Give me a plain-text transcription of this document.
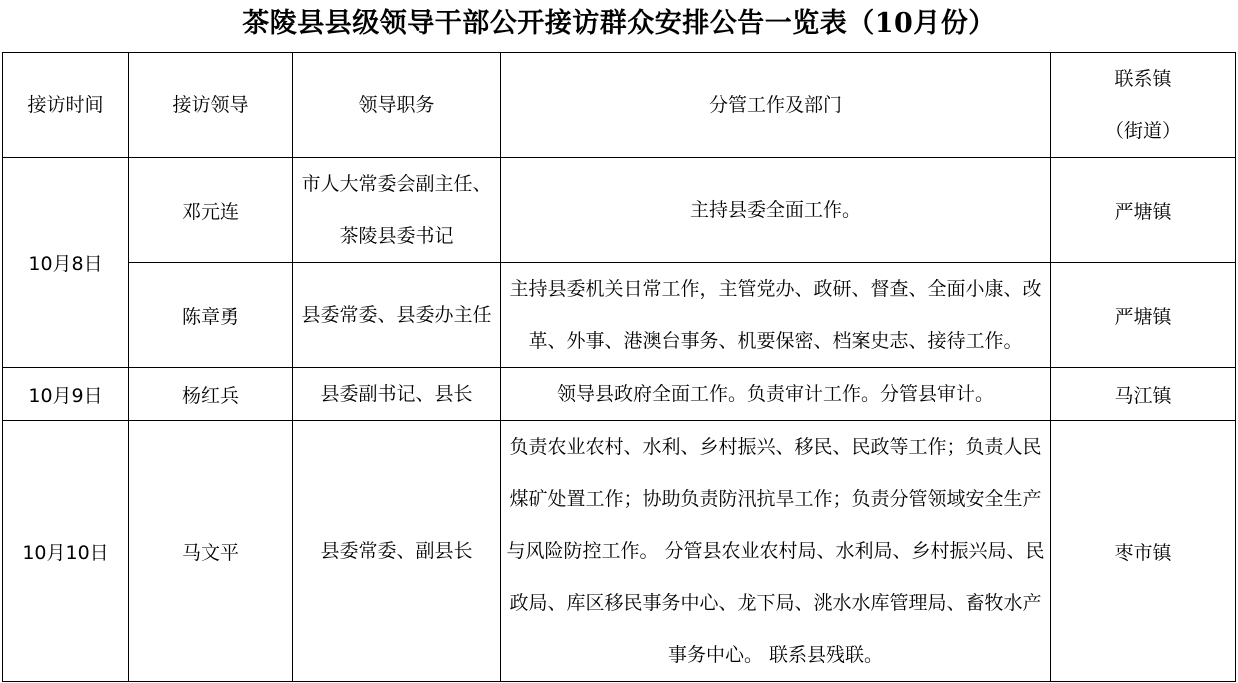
茶陵县县级领导干部公开接访群众安排公告一览表（10月份）
接访时间	接访领导	领导职务	分管工作及部门	联系镇
（街道）

10月8日	邓元连	市人大常委会副主任、茶陵县委书记	主持县委全面工作。	严塘镇
	陈章勇	县委常委、县委办主任	主持县委机关日常工作，主管党办、政研、督查、全面小康、改革、外事、港澳台事务、机要保密、档案史志、接待工作。	严塘镇
10月9日	杨红兵	县委副书记、县长	领导县政府全面工作。负责审计工作。分管县审计。	马江镇
10月10日	马文平	县委常委、副县长	负责农业农村、水利、乡村振兴、移民、民政等工作；负责人民煤矿处置工作；协助负责防汛抗旱工作；负责分管领域安全生产与风险防控工作。 分管县农业农村局、水利局、乡村振兴局、民政局、库区移民事务中心、龙下局、洮水水库管理局、畜牧水产事务中心。 联系县残联。	枣市镇
